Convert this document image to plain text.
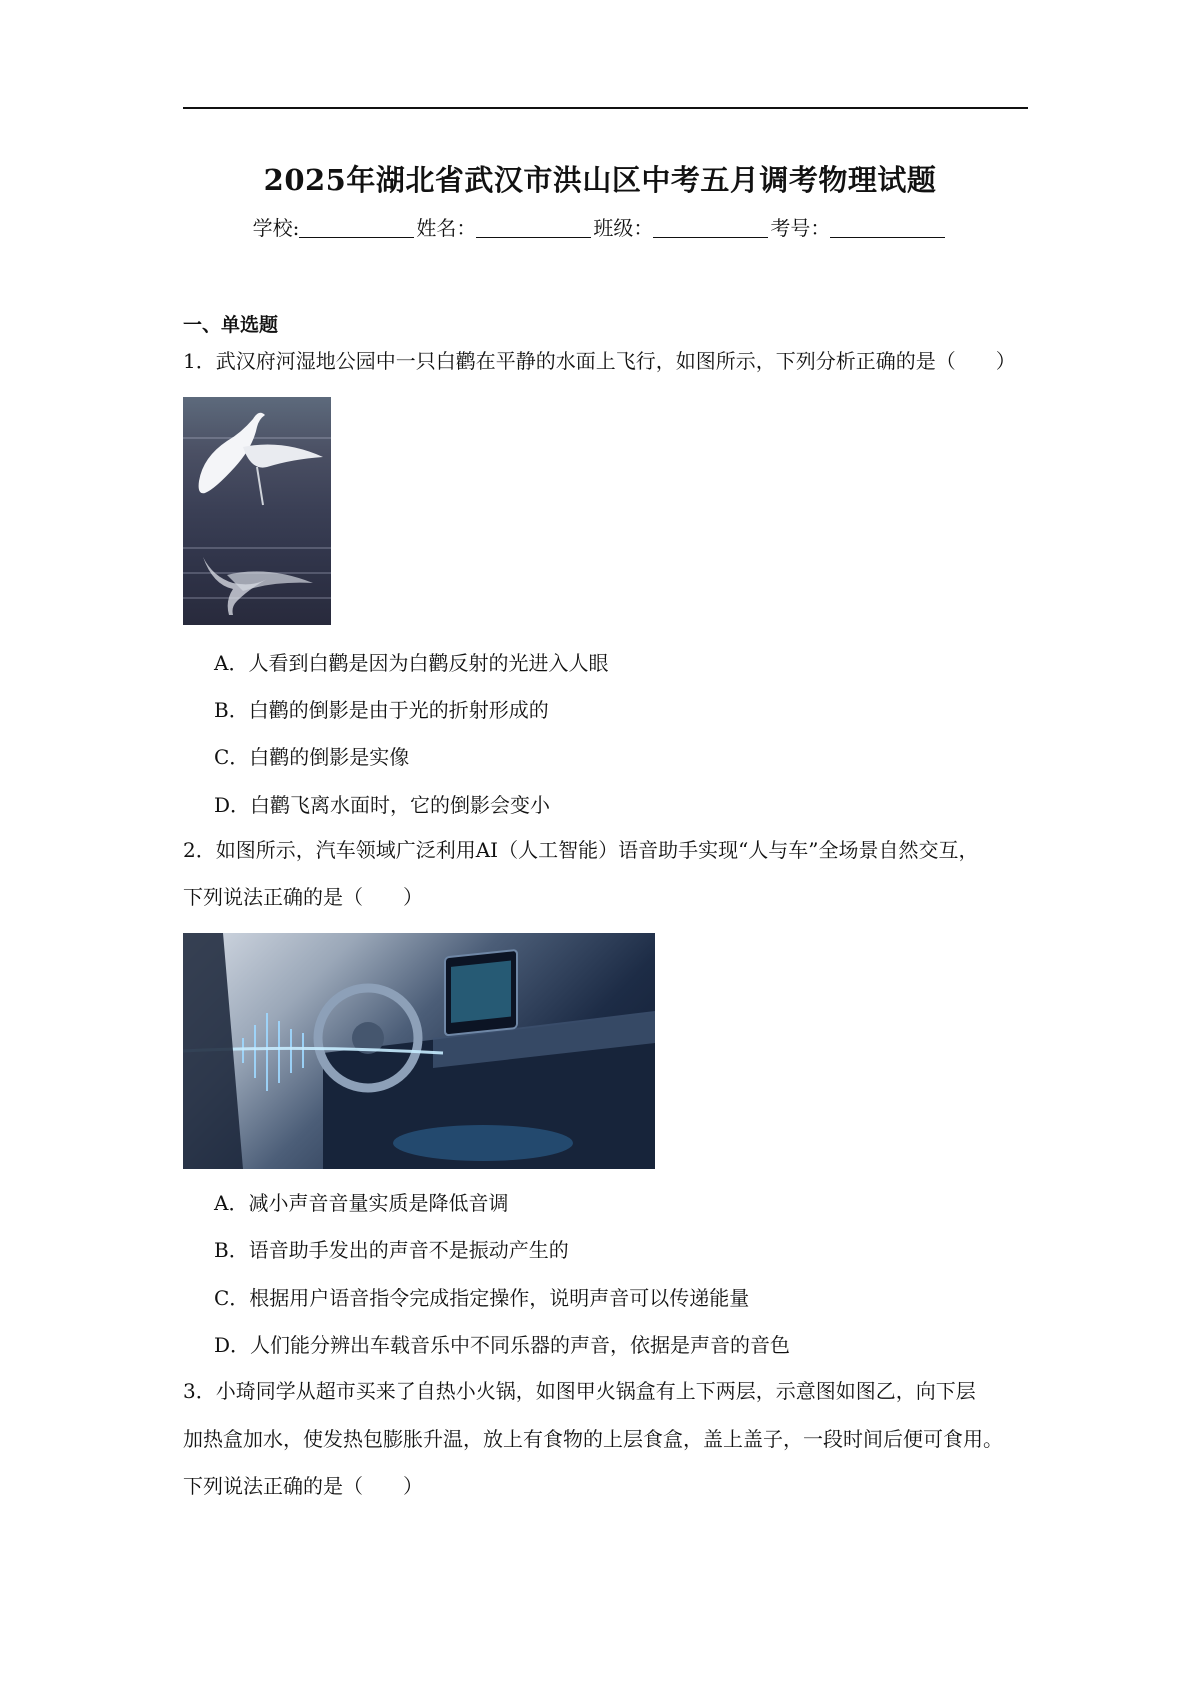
2025年湖北省武汉市洪山区中考五月调考物理试题
学校:	姓名：	班级：	考号：
一、单选题
1．武汉府河湿地公园中一只白鹳在平静的水面上飞行，如图所示，下列分析正确的是（　　）
A．人看到白鹳是因为白鹳反射的光进入人眼
B．白鹳的倒影是由于光的折射形成的
C．白鹳的倒影是实像
D．白鹳飞离水面时，它的倒影会变小
2．如图所示，汽车领域广泛利用AI（人工智能）语音助手实现“人与车”全场景自然交互，
下列说法正确的是（　　）
A．减小声音音量实质是降低音调
B．语音助手发出的声音不是振动产生的
C．根据用户语音指令完成指定操作，说明声音可以传递能量
D．人们能分辨出车载音乐中不同乐器的声音，依据是声音的音色
3．小琦同学从超市买来了自热小火锅，如图甲火锅盒有上下两层，示意图如图乙，向下层
加热盒加水，使发热包膨胀升温，放上有食物的上层食盒，盖上盖子，一段时间后便可食用。
下列说法正确的是（　　）
